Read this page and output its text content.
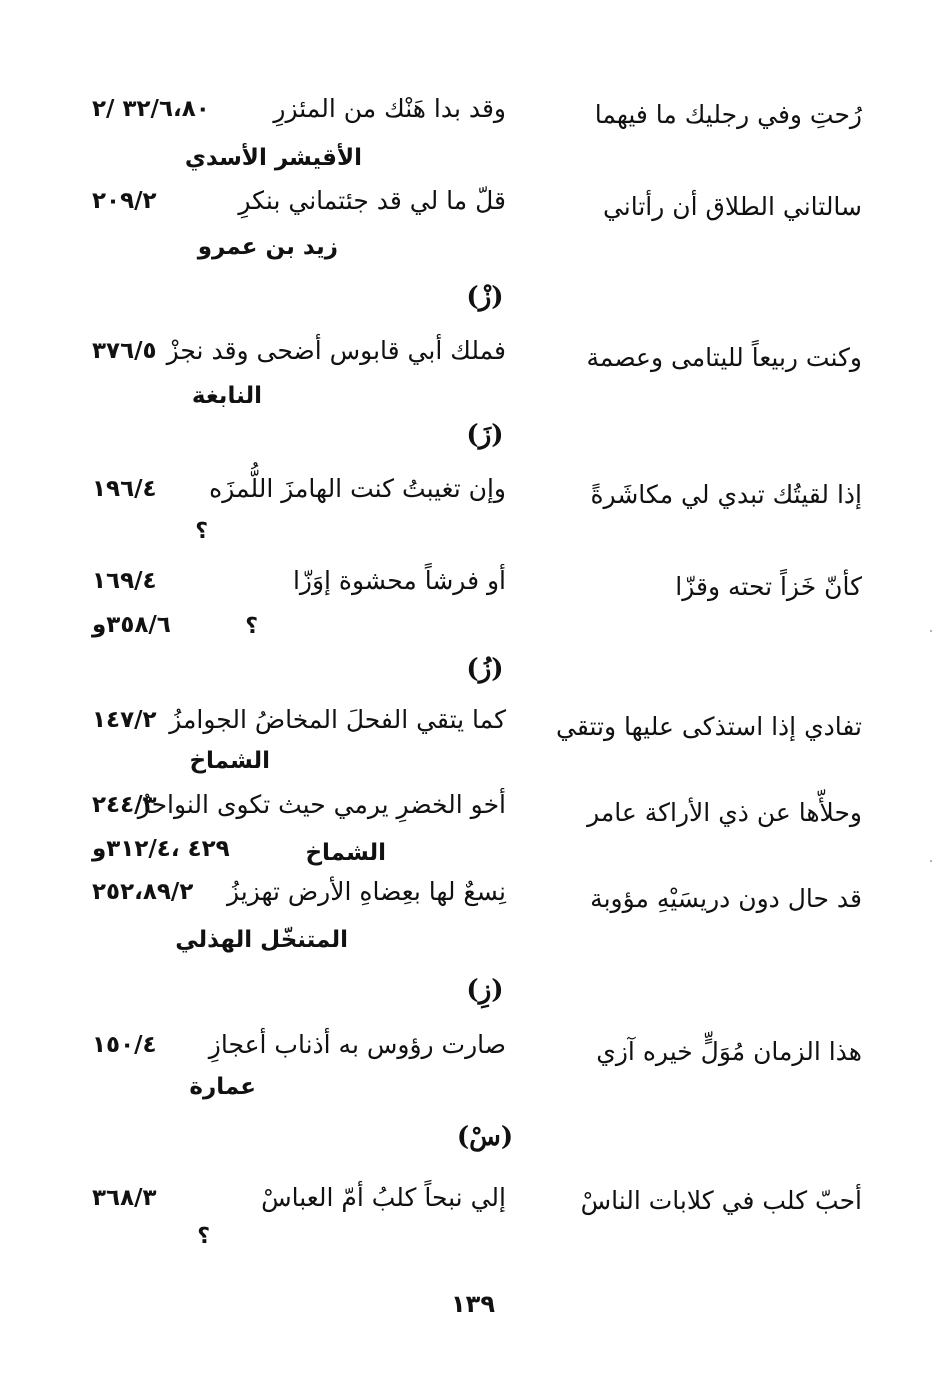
رُحتِ وفي رجليك ما فيهما
وقد بدا هَنْك من المئزرِ
٣٢/٦،٨٠ /٢
الأقيشر الأسدي
سالتاني الطلاق أن رأتاني
قلّ ما لي قد جئتماني بنكرِ
٢٠٩/٢
زيد بن عمرو
(زْ)
وكنت ربيعاً لليتامى وعصمة
فملك أبي قابوس أضحى وقد نجزْ
٣٧٦/٥
النابغة
(زَ)
إذا لقيتُك تبدي لي مكاشَرةً
وإن تغيبتُ كنت الهامزَ اللُّمزَه
١٩٦/٤
؟
كأنّ خَزاً تحته وقزّا
أو فرشاً محشوة إوَزّا
١٦٩/٤
٣٥٨/٦و	؟
(زُ)
تفادي إذا استذكى عليها وتتقي
كما يتقي الفحلَ المخاضُ الجوامزُ
١٤٧/٢
الشماخ
وحلأّها عن ذي الأراكة عامر
أخو الخضرِ يرمي حيث تكوى النواحزُ
٢٤٤/٣
٤٢٩ ،٣١٢/٤و	الشماخ
قد حال دون دريسَيْهِ مؤوبة
نِسعٌ لها بعِضاهِ الأرض تهزيزُ
٢٥٢،٨٩/٢
المتنخّل الهذلي
(زِ)
هذا الزمان مُوَلٍّ خيره آزي
صارت رؤوس به أذناب أعجازِ
١٥٠/٤
عمارة
(سْ)
أحبّ كلب في كلابات الناسْ
إلي نبحاً كلبُ أمّ العباسْ
٣٦٨/٣
؟
١٣٩
